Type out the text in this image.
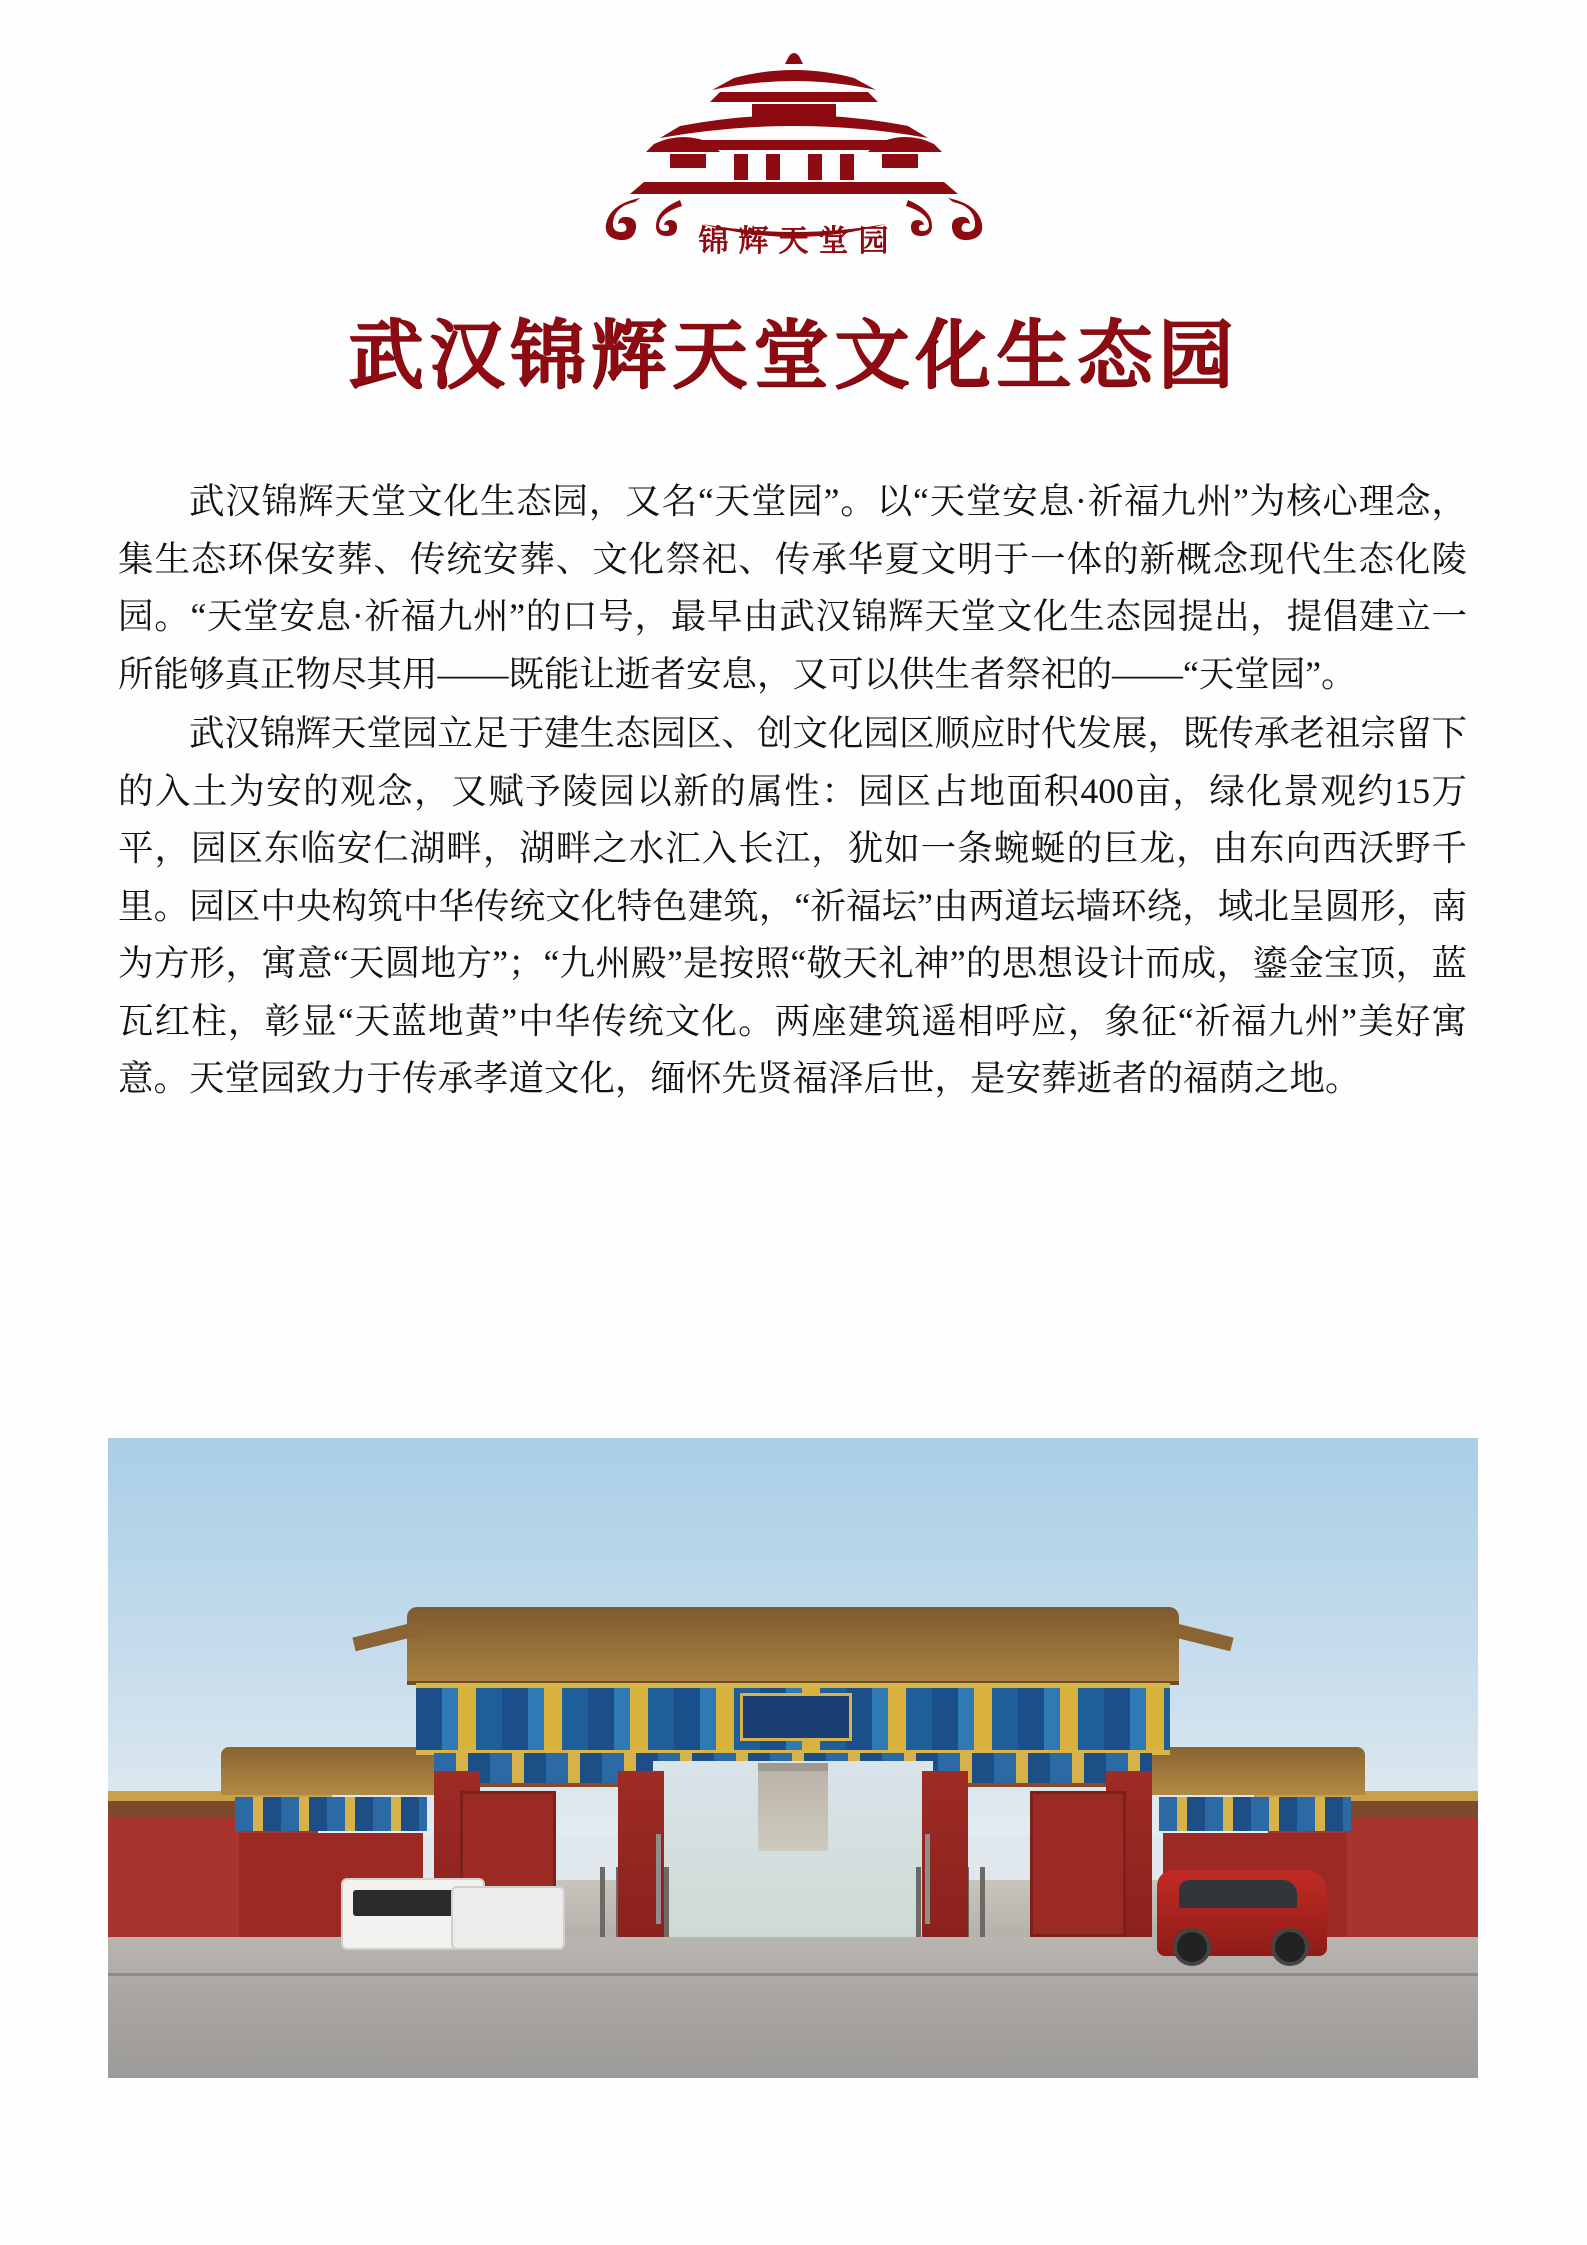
锦辉天堂园
武汉锦辉天堂文化生态园

武汉锦辉天堂文化生态园，又名“天堂园”。以“天堂安息·祈福九州”为核心理念，集生态环保安葬、传统安葬、文化祭祀、传承华夏文明于一体的新概念现代生态化陵园。“天堂安息·祈福九州”的口号，最早由武汉锦辉天堂文化生态园提出，提倡建立一所能够真正物尽其用——既能让逝者安息，又可以供生者祭祀的——“天堂园”。

武汉锦辉天堂园立足于建生态园区、创文化园区顺应时代发展，既传承老祖宗留下的入土为安的观念，又赋予陵园以新的属性：园区占地面积400亩，绿化景观约15万平，园区东临安仁湖畔，湖畔之水汇入长江，犹如一条蜿蜒的巨龙，由东向西沃野千里。园区中央构筑中华传统文化特色建筑，“祈福坛”由两道坛墙环绕，域北呈圆形，南为方形，寓意“天圆地方”；“九州殿”是按照“敬天礼神”的思想设计而成，鎏金宝顶，蓝瓦红柱，彰显“天蓝地黄”中华传统文化。两座建筑遥相呼应，象征“祈福九州”美好寓意。天堂园致力于传承孝道文化，缅怀先贤福泽后世，是安葬逝者的福荫之地。
